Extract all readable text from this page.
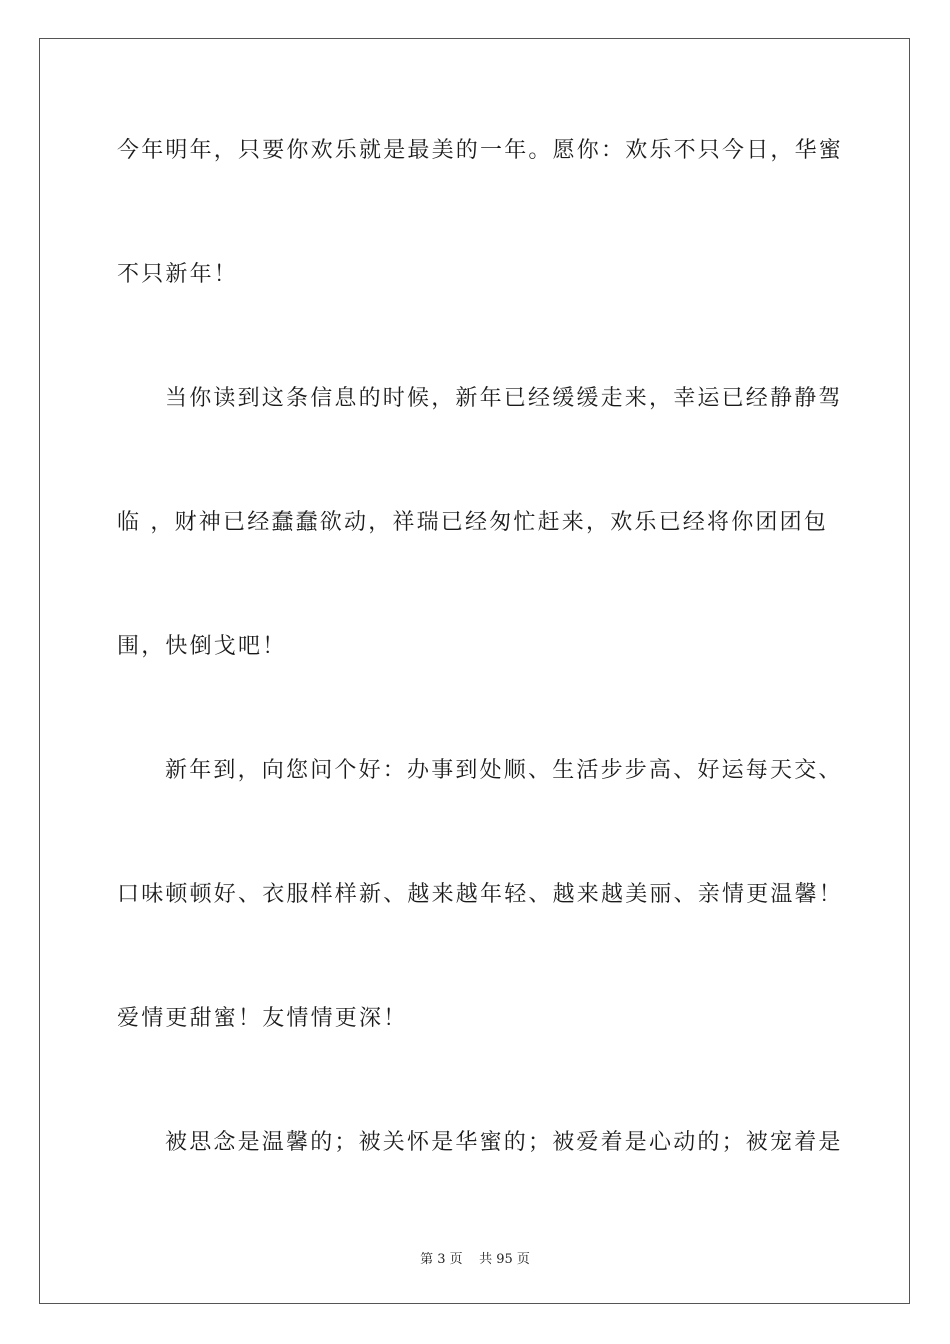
今年明年，只要你欢乐就是最美的一年。愿你：欢乐不只今日，华蜜
不只新年！
当你读到这条信息的时候，新年已经缓缓走来，幸运已经静静驾
临 ，财神已经蠢蠢欲动，祥瑞已经匆忙赶来，欢乐已经将你团团包
围，快倒戈吧！
新年到，向您问个好：办事到处顺、生活步步高、好运每天交、
口味顿顿好、衣服样样新、越来越年轻、越来越美丽、亲情更温馨！
爱情更甜蜜！友情情更深！
被思念是温馨的；被关怀是华蜜的；被爱着是心动的；被宠着是
第 3 页    共 95 页
